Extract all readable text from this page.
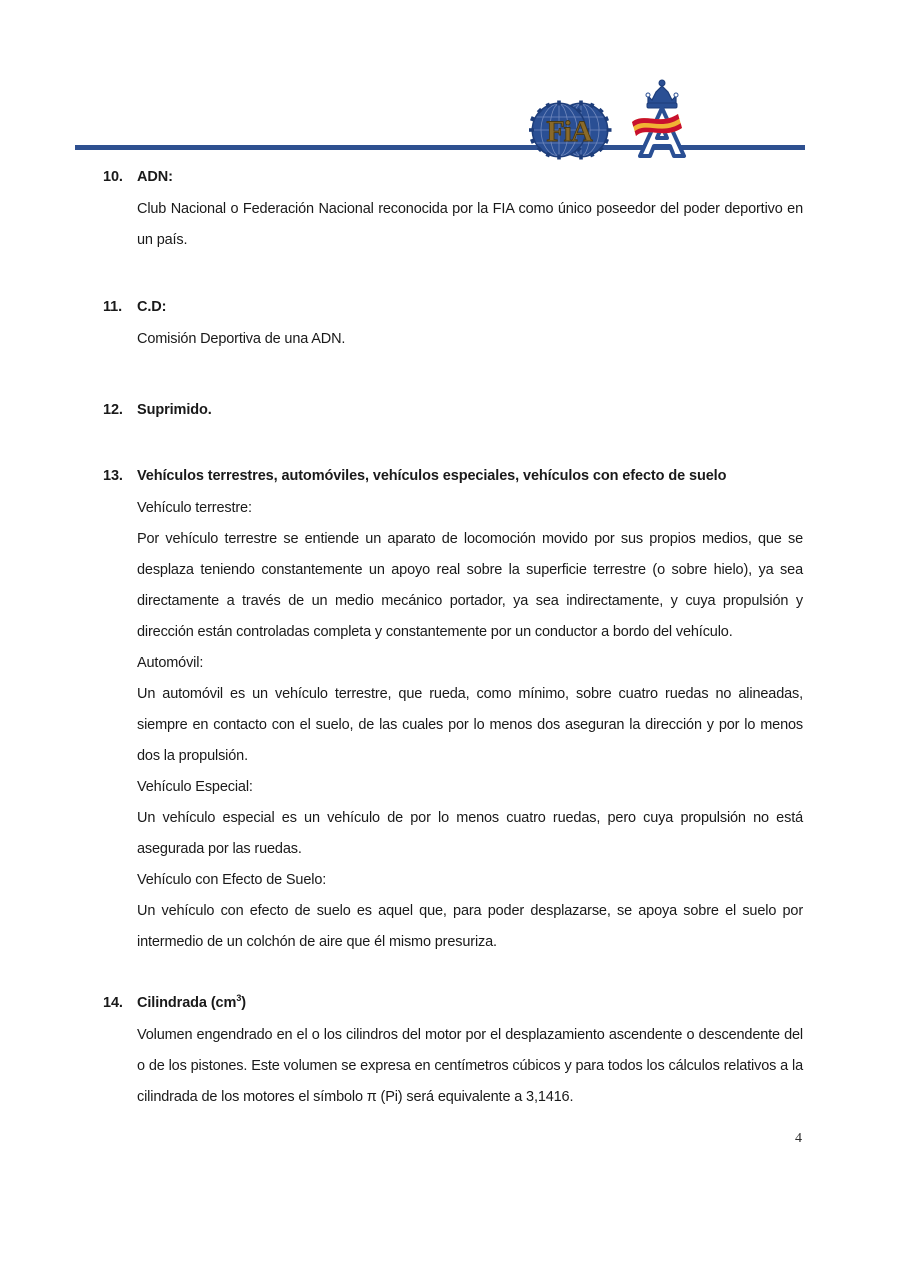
FiA
10. ADN:

Club Nacional o Federación Nacional reconocida por la FIA como único poseedor del poder deportivo en un país.

11.	C.D:

Comisión Deportiva de una ADN.

12. Suprimido.

13. Vehículos terrestres, automóviles, vehículos especiales, vehículos con efecto de suelo

Vehículo terrestre:

Por vehículo terrestre se entiende un aparato de locomoción movido por sus propios medios, que se desplaza teniendo constantemente un apoyo real sobre la superficie terrestre (o sobre hielo), ya sea directamente a través de un medio mecánico portador, ya sea indirectamente, y cuya propulsión y dirección están controladas completa y constantemente por un conductor a bordo del vehículo.

Automóvil:

Un automóvil es un vehículo terrestre, que rueda, como mínimo, sobre cuatro ruedas no alineadas, siempre en contacto con el suelo, de las cuales por lo menos dos aseguran la dirección y por lo menos dos la propulsión.

Vehículo Especial:

Un vehículo especial es un vehículo de por lo menos cuatro ruedas, pero cuya propulsión no está asegurada por las ruedas.

Vehículo con Efecto de Suelo:

Un vehículo con efecto de suelo es aquel que, para poder desplazarse, se apoya sobre el suelo por intermedio de un colchón de aire que él mismo presuriza.

14. Cilindrada $(cm^3)$

Volumen engendrado en el o los cilindros del motor por el desplazamiento ascendente o descendente del o de los pistones. Este volumen se expresa en centímetros cúbicos y para todos los cálculos relativos a la cilindrada de los motores el símbolo π (Pi) será equivalente a 3,1416.

4
